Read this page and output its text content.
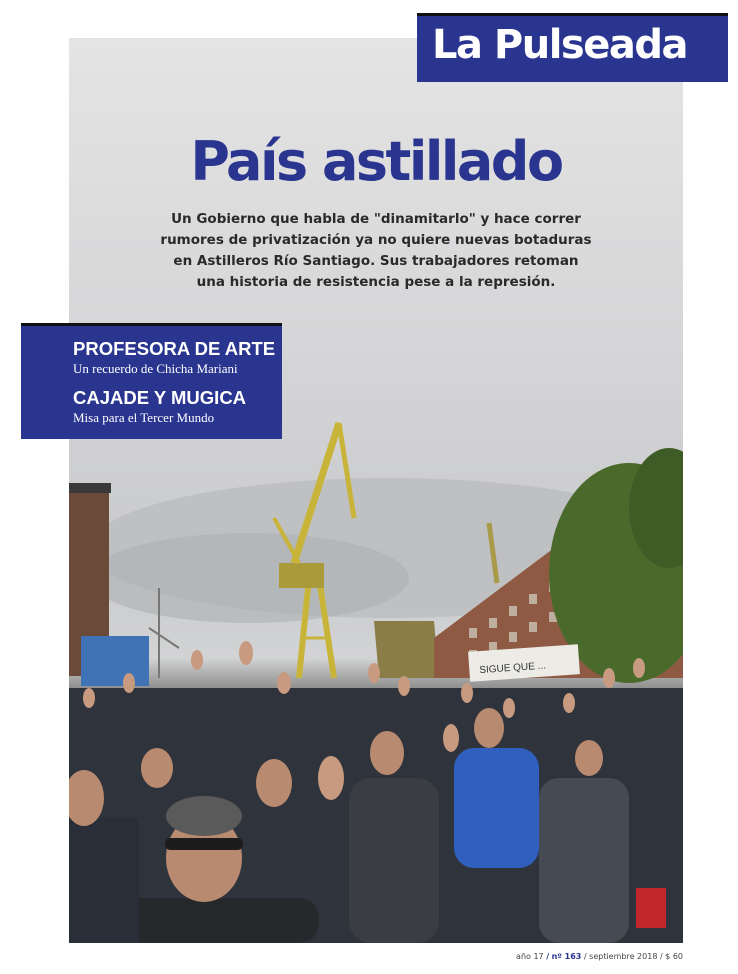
SIGUE QUE ...
La Pulseada
País astillado
Un Gobierno que habla de "dinamitarlo" y hace correr rumores de privatización ya no quiere nuevas botaduras en Astilleros Río Santiago. Sus trabajadores retoman una historia de resistencia pese a la represión.
PROFESORA DE ARTE
Un recuerdo de Chicha Mariani
CAJADE Y MUGICA
Misa para el Tercer Mundo
año 17 / nº 163 / septiembre 2018 / $ 60
